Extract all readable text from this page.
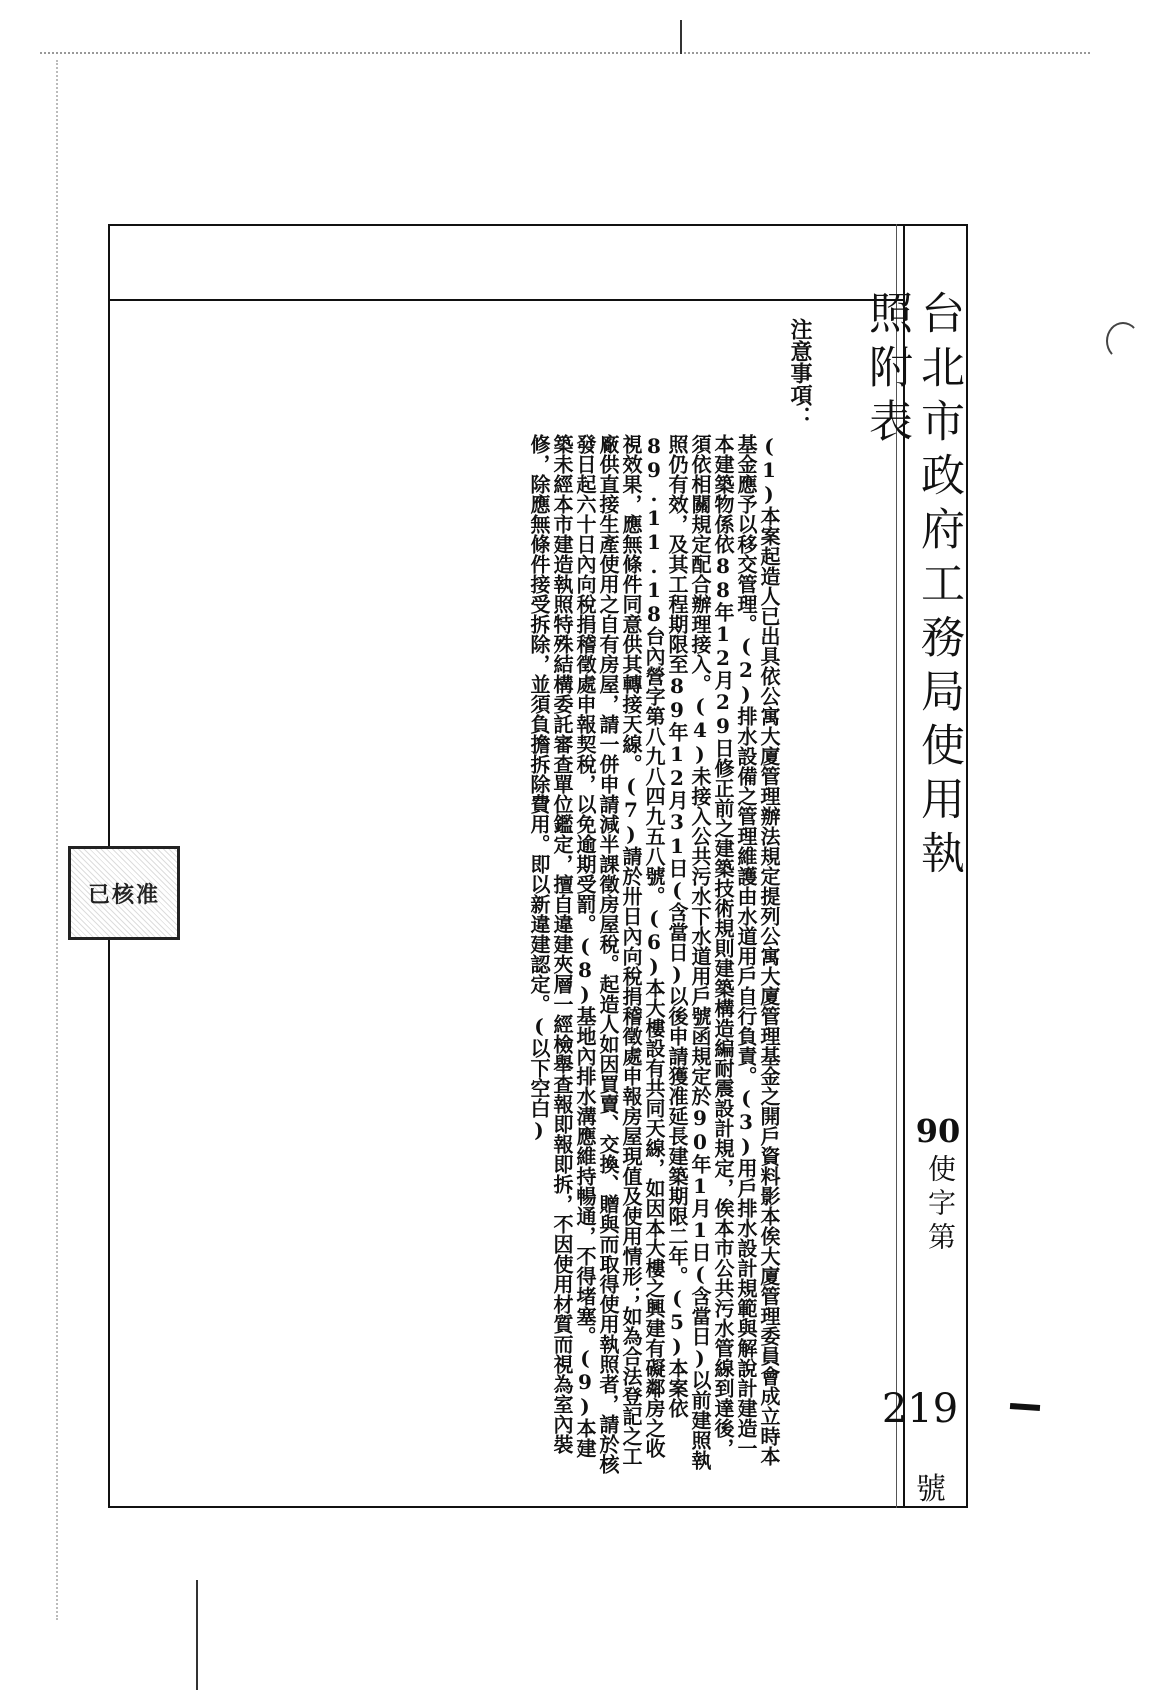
台北市政府工務局使用執照附表
90
使字第
219
號
注意事項：
(1)本案起造人已出具依公寓大廈管理辦法規定提列公寓大廈管理基金之開戶資料影本俟大廈管理委員會成立時本基金應予以移交管理。(2)排水設備之管理維護由水道用戶自行負責。(3)用戶排水設計規範與解說計建造一本建築物係依88年12月29日修正前之建築技術規則建築構造編耐震設計規定，俟本市公共污水管線到達後，須依相關規定配合辦理接入。(4)未接入公共污水下水道用戶號函規定於90年1月1日(含當日)以前建照執照仍有效，及其工程期限至89年12月31日(含當日)以後申請獲准延長建築期限二年。(5)本案依89.11.18台內營字第八九八四九五八號。(6)本大樓設有共同天線，如因本大樓之興建有礙鄰房之收視效果，應無條件同意供其轉接天線。(7)請於卅日內向稅捐稽徵處申報房屋現值及使用情形；如為合法登記之工廠供直接生產使用之自有房屋，請一併申請減半課徵房屋稅。起造人如因買賣、交換、贈與而取得使用執照者，請於核發日起六十日內向稅捐稽徵處申報契稅，以免逾期受罰。(8)基地內排水溝應維持暢通，不得堵塞。(9)本建築未經本市建造執照特殊結構委託審查單位鑑定，擅自違建夾層一經檢舉查報即報即拆，不因使用材質而視為室內裝修，除應無條件接受拆除，並須負擔拆除費用。即以新違建認定。(以下空白)
已核准
